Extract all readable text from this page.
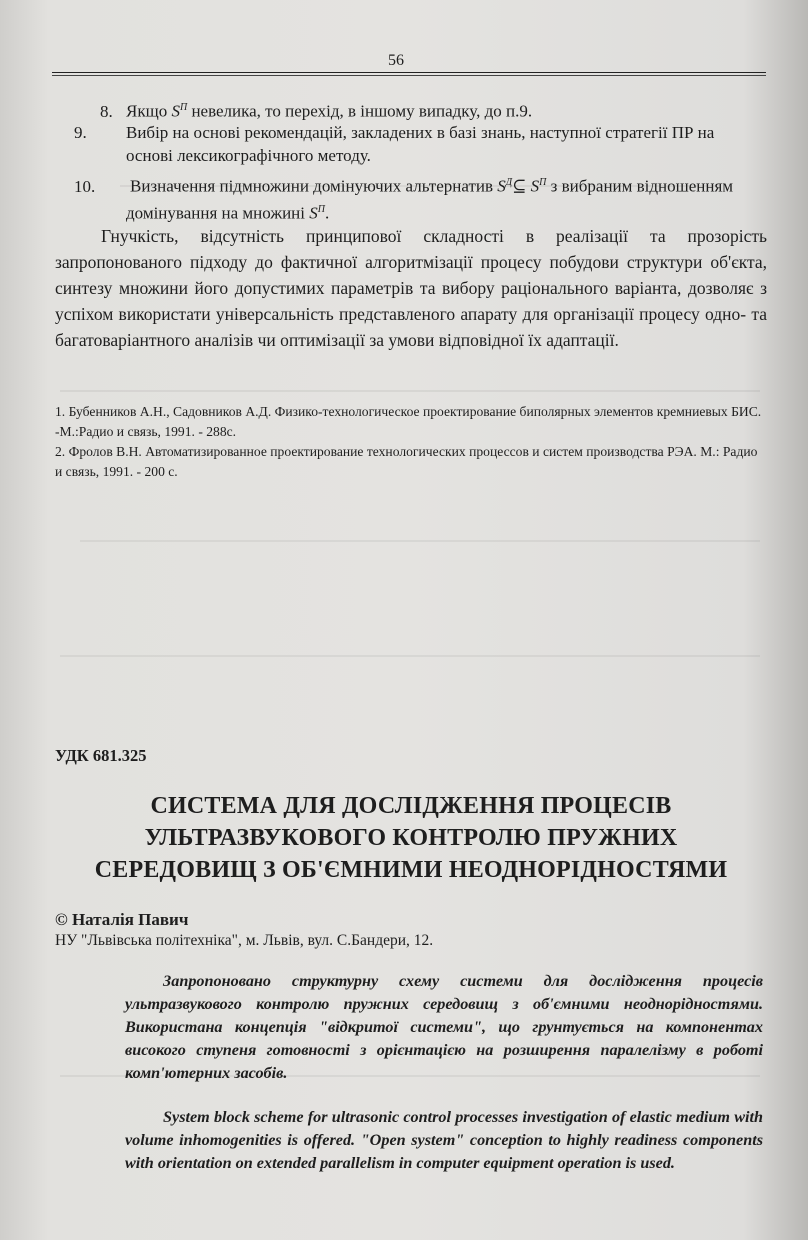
56
8. Якщо $S^П$ невелика, то перехід, в іншому випадку, до п.9.
9. Вибір на основі рекомендацій, закладених в базі знань, наступної стратегії ПР на основі лексикографічного методу.
10. Визначення підмножини домінуючих альтернатив $S^Д⊆$ $S^П$ з вибраним відношенням домінування на множині $S^П$.
Гнучкість, відсутність принципової складності в реалізації та прозорість запропонованого підходу до фактичної алгоритмізації процесу побудови структури об'єкта, синтезу множини його допустимих параметрів та вибору раціонального варіанта, дозволяє з успіхом використати універсальність представленого апарату для організації процесу одно- та багатоваріантного аналізів чи оптимізації за умови відповідної їх адаптації.
1. Бубенников А.Н., Садовников А.Д. Физико-технологическое проектирование биполярных элементов кремниевых БИС. -М.:Радио и связь, 1991. - 288с.
2. Фролов В.Н. Автоматизированное проектирование технологических процессов и систем производства РЭА. М.: Радио и связь, 1991. - 200 с.
УДК 681.325
СИСТЕМА ДЛЯ ДОСЛІДЖЕННЯ ПРОЦЕСІВ
УЛЬТРАЗВУКОВОГО КОНТРОЛЮ ПРУЖНИХ
СЕРЕДОВИЩ З ОБ'ЄМНИМИ НЕОДНОРІДНОСТЯМИ
© Наталія Павич
НУ "Львівська політехніка", м. Львів, вул. С.Бандери, 12.
Запропоновано структурну схему системи для дослідження процесів ультразвукового контролю пружних середовищ з об'ємними неоднорідностями. Використана концепція "відкритої системи", що грунтується на компонентах високого ступеня готовності з орієнтацією на розширення паралелізму в роботі комп'ютерних засобів.
System block scheme for ultrasonic control processes investigation of elastic medium with volume inhomogenities is offered. "Open system" conception to highly readiness components with orientation on extended parallelism in computer equipment operation is used.
